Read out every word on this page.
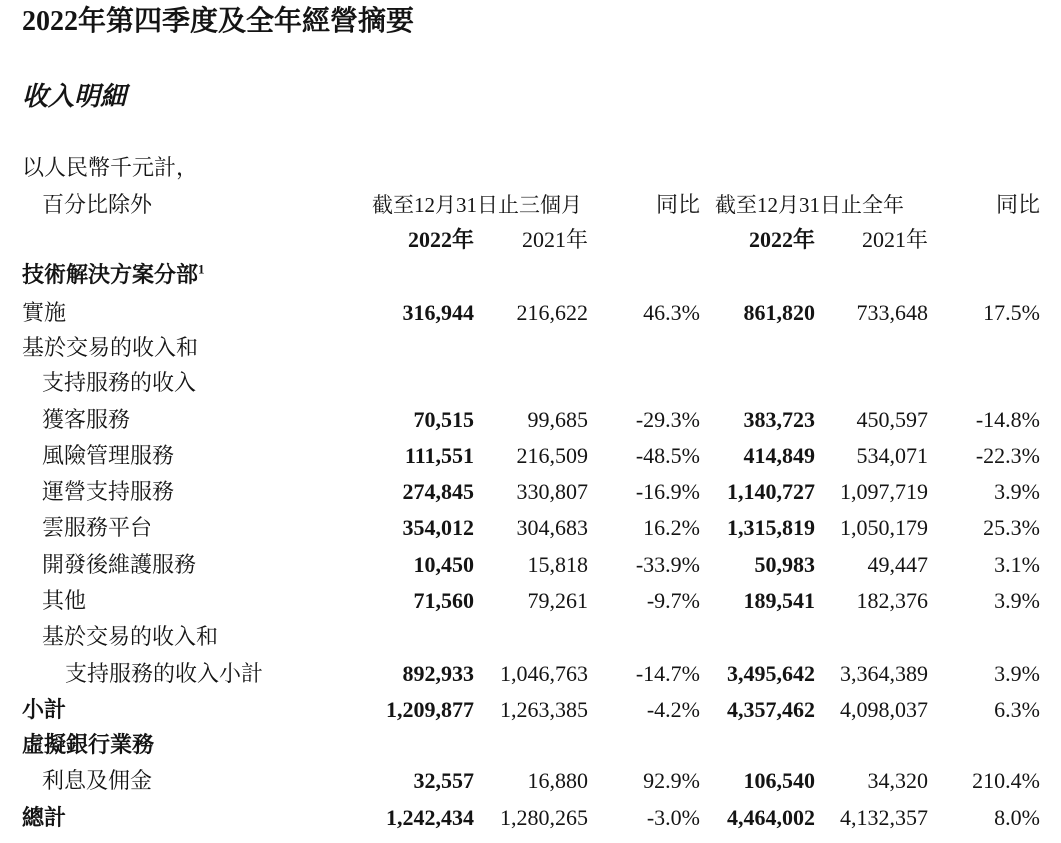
2022年第四季度及全年經營摘要
收入明細
以人民幣千元計，
百分比除外	截至12月31日止三個月	同比 截至12月31日止全年	同比
2022年 2021年	2022年 2021年
技術解決方案分部$^1$
實施	316,944 216,622	46.3% 861,820 733,648	17.5%
基於交易的收入和
支持服務的收入
獲客服務	70,515 99,685 -29.3% 383,723 450,597 -14.8%
風險管理服務	111,551 216,509 -48.5% 414,849 534,071 -22.3%
運營支持服務	274,845 330,807 -16.9% 1,140,727 1,097,719	3.9%
雲服務平台	354,012 304,683	16.2% 1,315,819 1,050,179	25.3%
開發後維護服務	10,450 15,818 -33.9% 50,983 49,447	3.1%
其他	71,560 79,261	-9.7% 189,541 182,376	3.9%
基於交易的收入和
支持服務的收入小計	892,933 1,046,763 -14.7% 3,495,642 3,364,389	3.9%
小計	1,209,877 1,263,385	-4.2% 4,357,462 4,098,037	6.3%
虛擬銀行業務
利息及佣金	32,557 16,880	92.9% 106,540 34,320 210.4%
總計	1,242,434 1,280,265	-3.0% 4,464,002 4,132,357	8.0%
